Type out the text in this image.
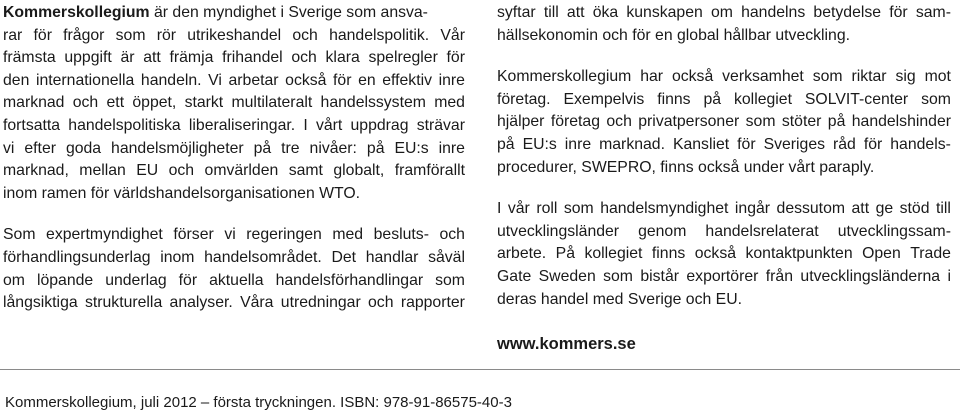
Kommerskollegium är den myndighet i Sverige som ansva-
rar för frågor som rör utrikeshandel och handelspolitik. Vår
främsta uppgift är att främja frihandel och klara spelregler för
den internationella handeln. Vi arbetar också för en effektiv inre
marknad och ett öppet, starkt multilateralt handelssystem med
fortsatta handelspolitiska liberaliseringar. I vårt uppdrag strävar
vi efter goda handelsmöjligheter på tre nivåer: på EU:s inre
marknad, mellan EU och omvärlden samt globalt, framförallt
inom ramen för världshandelsorganisationen WTO.
Som expertmyndighet förser vi regeringen med besluts- och
förhandlingsunderlag inom handelsområdet. Det handlar såväl
om löpande underlag för aktuella handelsförhandlingar som
långsiktiga strukturella analyser. Våra utredningar och rapporter
syftar till att öka kunskapen om handelns betydelse för sam-
hällsekonomin och för en global hållbar utveckling.
Kommerskollegium har också verksamhet som riktar sig mot
företag. Exempelvis finns på kollegiet SOLVIT-center som
hjälper företag och privatpersoner som stöter på handelshinder
på EU:s inre marknad. Kansliet för Sveriges råd för handels-
procedurer, SWEPRO, finns också under vårt paraply.
I vår roll som handelsmyndighet ingår dessutom att ge stöd till
utvecklingsländer genom handelsrelaterat utvecklingssam-
arbete. På kollegiet finns också kontaktpunkten Open Trade
Gate Sweden som bistår exportörer från utvecklingsländerna i
deras handel med Sverige och EU.
www.kommers.se
Kommerskollegium, juli 2012 – första tryckningen. ISBN: 978-91-86575-40-3
